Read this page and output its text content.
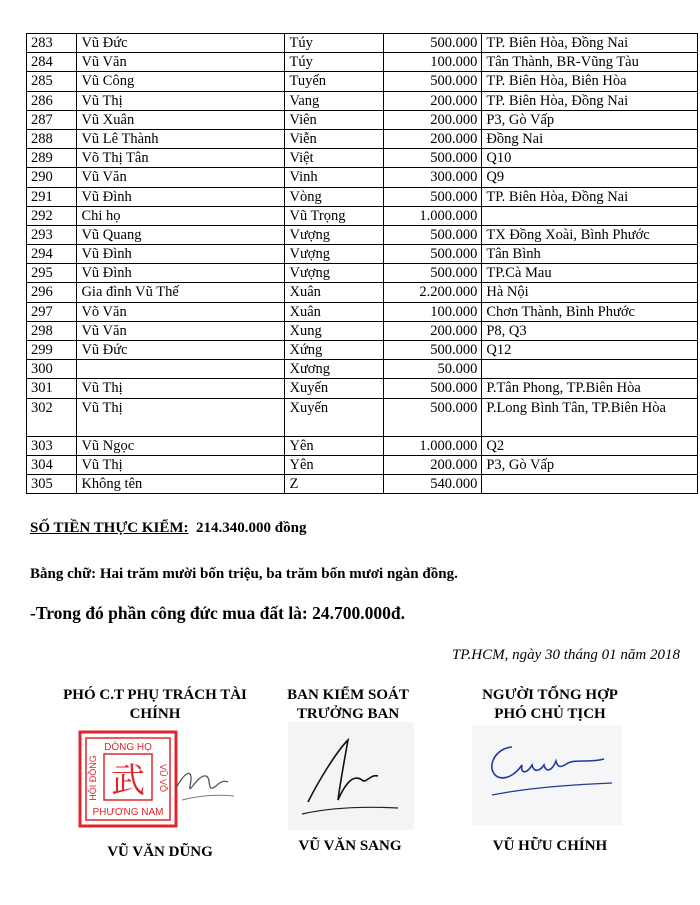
283	Vũ Đức	Túy	500.000	TP. Biên Hòa, Đồng Nai
284	Vũ Văn	Túy	100.000	Tân Thành, BR-Vũng Tàu
285	Vũ Công	Tuyến	500.000	TP. Biên Hòa, Biên Hòa
286	Vũ Thị	Vang	200.000	TP. Biên Hòa, Đồng Nai
287	Vũ Xuân	Viên	200.000	P3, Gò Vấp
288	Vũ Lê Thành	Viễn	200.000	Đồng Nai
289	Võ Thị Tân	Việt	500.000	Q10
290	Vũ Văn	Vinh	300.000	Q9
291	Vũ Đình	Vòng	500.000	TP. Biên Hòa, Đồng Nai
292	Chi họ	Vũ Trọng	1.000.000	
293	Vũ Quang	Vượng	500.000	TX Đồng Xoài, Bình Phước
294	Vũ Đình	Vượng	500.000	Tân Bình
295	Vũ Đình	Vượng	500.000	TP.Cà Mau
296	Gia đình Vũ Thế	Xuân	2.200.000	Hà Nội
297	Võ Văn	Xuân	100.000	Chơn Thành, Bình Phước
298	Vũ Văn	Xung	200.000	P8, Q3
299	Vũ Đức	Xứng	500.000	Q12
300		Xương	50.000	
301	Vũ Thị	Xuyến	500.000	P.Tân Phong, TP.Biên Hòa
302	Vũ Thị	Xuyến	500.000	P.Long Bình Tân, TP.Biên Hòa
303	Vũ Ngọc	Yên	1.000.000	Q2
304	Vũ Thị	Yên	200.000	P3, Gò Vấp
305	Không tên	Z	540.000	
SỐ TIỀN THỰC KIỂM: 214.340.000 đồng
Bằng chữ: Hai trăm mười bốn triệu, ba trăm bốn mươi ngàn đồng.
-Trong đó phần công đức mua đất là: 24.700.000đ.
TP.HCM, ngày 30 tháng 01 năm 2018
PHÓ C.T PHỤ TRÁCH TÀI
CHÍNH
DÒNG HỌ
PHƯƠNG NAM
HỘI ĐỒNG	VŨ VÕ
武
VŨ VĂN DŨNG
BAN KIỂM SOÁT
TRƯỞNG BAN
VŨ VĂN SANG
NGƯỜI TỔNG HỢP
PHÓ CHỦ TỊCH
VŨ HỮU CHÍNH
